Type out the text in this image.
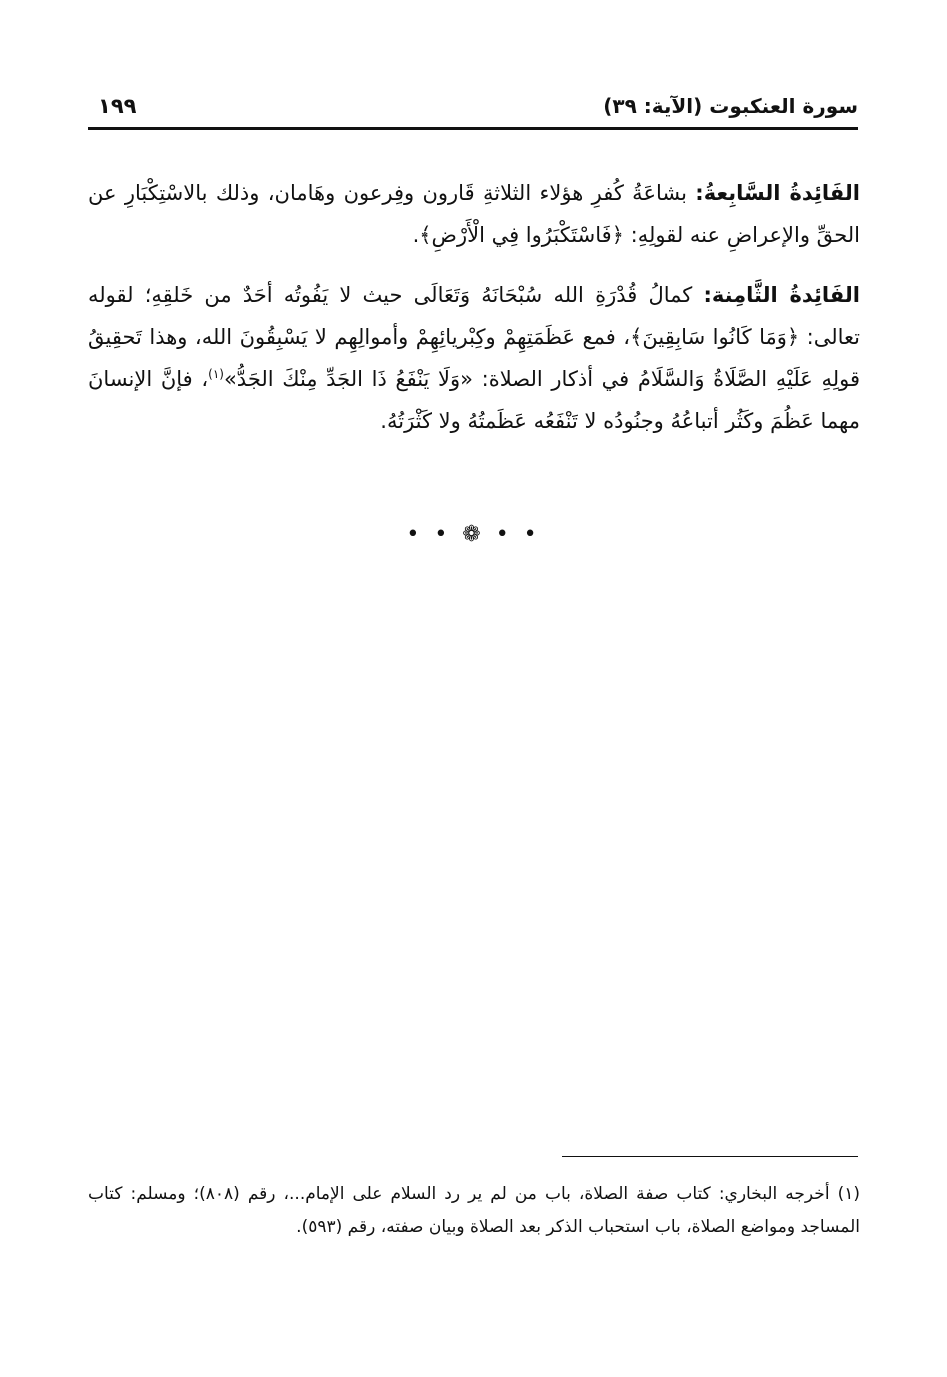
سورة العنكبوت (الآية: ٣٩)
١٩٩

الفَائِدةُ السَّابِعةُ: بشاعَةُ كُفرِ هؤلاء الثلاثةِ قَارون وفِرعون وهَامان، وذلك بالاسْتِكْبَارِ عن الحقِّ والإعراضِ عنه لقولِهِ: ﴿فَاسْتَكْبَرُوا فِي الْأَرْضِ﴾.

الفَائِدةُ الثَّامِنة: كمالُ قُدْرَةِ الله سُبْحَانَهُ وَتَعَالَى حيث لا يَفُوتُه أحَدٌ من خَلقِهِ؛ لقوله تعالى: ﴿وَمَا كَانُوا سَابِقِينَ﴾، فمع عَظَمَتِهِمْ وكِبْريائِهِمْ وأموالِهِم لا يَسْبِقُونَ الله، وهذا تَحقِيقُ قولِهِ عَلَيْهِ الصَّلَاةُ وَالسَّلَامُ في أذكار الصلاة: «وَلَا يَنْفَعُ ذَا الجَدِّ مِنْكَ الجَدُّ»$^{(١)}$، فإنَّ الإنسانَ مهما عَظُمَ وكَثُر أتباعُهُ وجنُودُه لا تَنْفَعُه عَظَمتُهُ ولا كَثْرَتُهُ.

• • ❁ • •
(١) أخرجه البخاري: كتاب صفة الصلاة، باب من لم ير رد السلام على الإمام...، رقم (٨٠٨)؛ ومسلم: كتاب المساجد ومواضع الصلاة، باب استحباب الذكر بعد الصلاة وبيان صفته، رقم (٥٩٣).
